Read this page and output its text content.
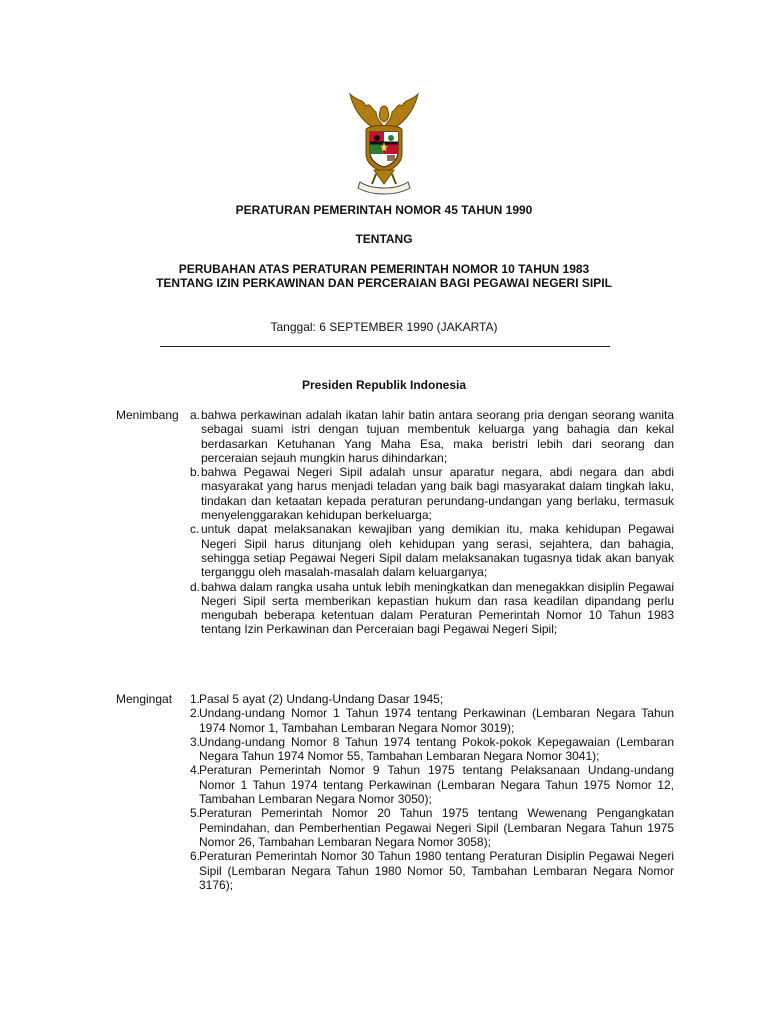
PERATURAN PEMERINTAH NOMOR 45 TAHUN 1990
TENTANG
PERUBAHAN ATAS PERATURAN PEMERINTAH NOMOR 10 TAHUN 1983
TENTANG IZIN PERKAWINAN DAN PERCERAIAN BAGI PEGAWAI NEGERI SIPIL
Tanggal: 6 SEPTEMBER 1990 (JAKARTA)
Presiden Republik Indonesia
Menimbang a. bahwa perkawinan adalah ikatan lahir batin antara seorang pria dengan seorang wanita sebagai suami istri dengan tujuan membentuk keluarga yang bahagia dan kekal berdasarkan Ketuhanan Yang Maha Esa, maka beristri lebih dari seorang dan perceraian sejauh mungkin harus dihindarkan;
b. bahwa Pegawai Negeri Sipil adalah unsur aparatur negara, abdi negara dan abdi masyarakat yang harus menjadi teladan yang baik bagi masyarakat dalam tingkah laku, tindakan dan ketaatan kepada peraturan perundang-undangan yang berlaku, termasuk menyelenggarakan kehidupan berkeluarga;
c. untuk dapat melaksanakan kewajiban yang demikian itu, maka kehidupan Pegawai Negeri Sipil harus ditunjang oleh kehidupan yang serasi, sejahtera, dan bahagia, sehingga setiap Pegawai Negeri Sipil dalam melaksanakan tugasnya tidak akan banyak terganggu oleh masalah-masalah dalam keluarganya;
d. bahwa dalam rangka usaha untuk lebih meningkatkan dan menegakkan disiplin Pegawai Negeri Sipil serta memberikan kepastian hukum dan rasa keadilan dipandang perlu mengubah beberapa ketentuan dalam Peraturan Pemerintah Nomor 10 Tahun 1983 tentang Izin Perkawinan dan Perceraian bagi Pegawai Negeri Sipil;
Mengingat 1.
Pasal 5 ayat (2) Undang-Undang Dasar 1945;
2.
Undang-undang Nomor 1 Tahun 1974 tentang Perkawinan (Lembaran Negara Tahun 1974 Nomor 1, Tambahan Lembaran Negara Nomor 3019);
3.
Undang-undang Nomor 8 Tahun 1974 tentang Pokok-pokok Kepegawaian (Lembaran Negara Tahun 1974 Nomor 55, Tambahan Lembaran Negara Nomor 3041);
4.
Peraturan Pemerintah Nomor 9 Tahun 1975 tentang Pelaksanaan Undang-undang Nomor 1 Tahun 1974 tentang Perkawinan (Lembaran Negara Tahun 1975 Nomor 12, Tambahan Lembaran Negara Nomor 3050);
5.
Peraturan Pemerintah Nomor 20 Tahun 1975 tentang Wewenang Pengangkatan Pemindahan, dan Pemberhentian Pegawai Negeri Sipil (Lembaran Negara Tahun 1975 Nomor 26, Tambahan Lembaran Negara Nomor 3058);
6.
Peraturan Pemerintah Nomor 30 Tahun 1980 tentang Peraturan Disiplin Pegawai Negeri Sipil (Lembaran Negara Tahun 1980 Nomor 50, Tambahan Lembaran Negara Nomor 3176);
